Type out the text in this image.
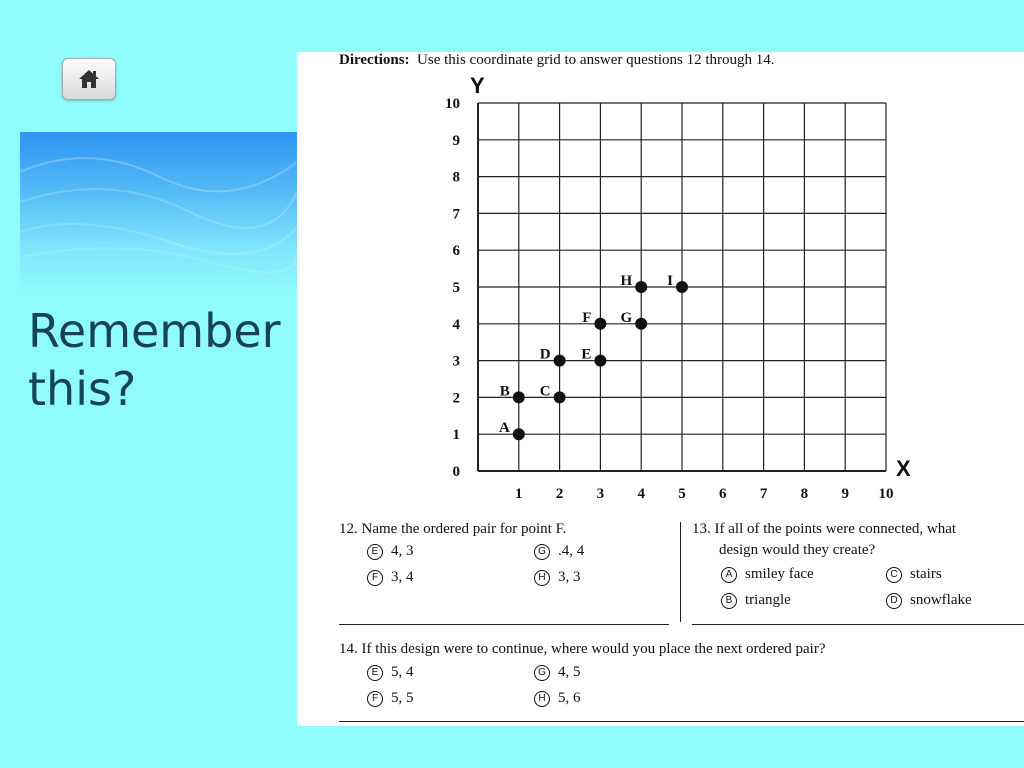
Remember this?
Directions: Use this coordinate grid to answer questions 12 through 14.
1 2 3 4 5 6 7 8 9 10
0
1
2
3
4
5
6
7
8
9
10
X
Y
A
B C
D E
F G
H I
12. Name the ordered pair for point F.
E 4, 3	G .4, 4
F 3, 4	H 3, 3
13. If all of the points were connected, what
design would they create?
A smiley face	C stairs
B triangle	D snowflake
14. If this design were to continue, where would you place the next ordered pair?
E 5, 4	G 4, 5
F 5, 5	H 5, 6
